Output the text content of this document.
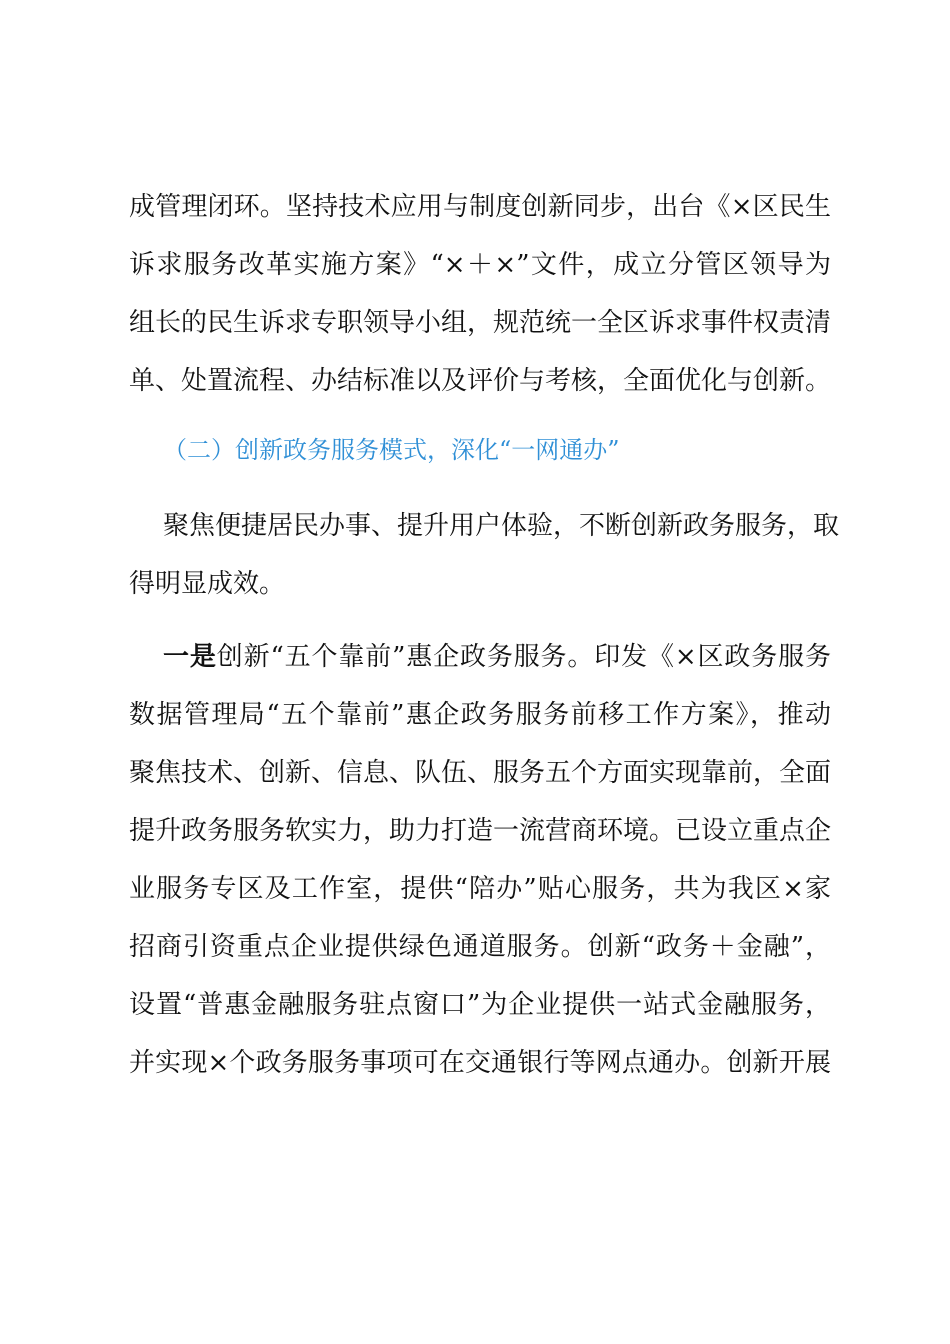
成管理闭环。坚持技术应用与制度创新同步，出台《×区民生
诉求服务改革实施方案》“×＋×”文件，成立分管区领导为
组长的民生诉求专职领导小组，规范统一全区诉求事件权责清
单、处置流程、办结标准以及评价与考核，全面优化与创新。
（二）创新政务服务模式，深化“一网通办”
聚焦便捷居民办事、提升用户体验，不断创新政务服务，取
得明显成效。
一是创新“五个靠前”惠企政务服务。印发《×区政务服务
数据管理局“五个靠前”惠企政务服务前移工作方案》，推动
聚焦技术、创新、信息、队伍、服务五个方面实现靠前，全面
提升政务服务软实力，助力打造一流营商环境。已设立重点企
业服务专区及工作室，提供“陪办”贴心服务，共为我区×家
招商引资重点企业提供绿色通道服务。创新“政务＋金融”，
设置“普惠金融服务驻点窗口”为企业提供一站式金融服务，
并实现×个政务服务事项可在交通银行等网点通办。创新开展
